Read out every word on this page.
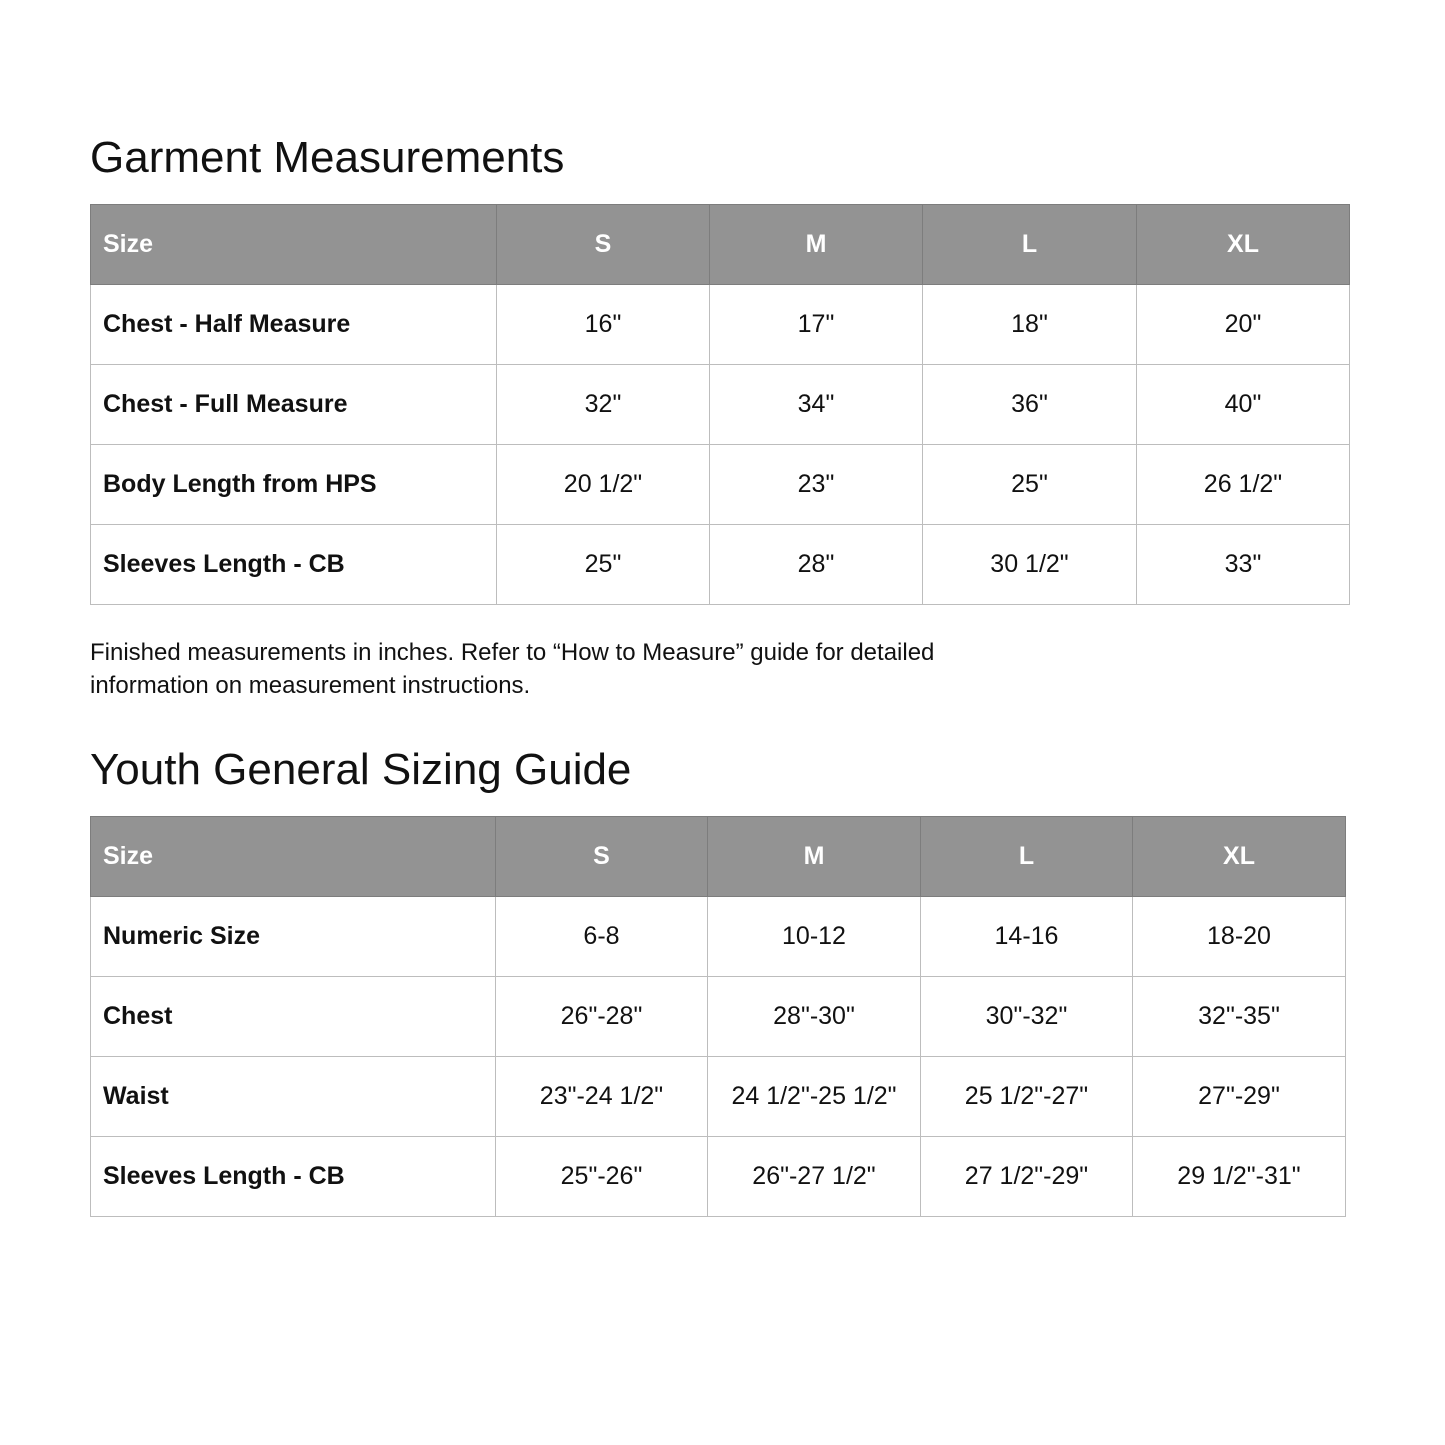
Garment Measurements
Size	S	M	L	XL
Chest - Half Measure	16"	17"	18"	20"
Chest - Full Measure	32"	34"	36"	40"
Body Length from HPS	20 1/2"	23"	25"	26 1/2"
Sleeves Length - CB	25"	28"	30 1/2"	33"

Finished measurements in inches. Refer to “How to Measure” guide for detailed
information on measurement instructions.

Youth General Sizing Guide
Size	S	M	L	XL
Numeric Size	6-8	10-12	14-16	18-20
Chest	26"-28"	28"-30"	30"-32"	32"-35"
Waist	23"-24 1/2"	24 1/2"-25 1/2"	25 1/2"-27"	27"-29"
Sleeves Length - CB	25"-26"	26"-27 1/2"	27 1/2"-29"	29 1/2"-31"
